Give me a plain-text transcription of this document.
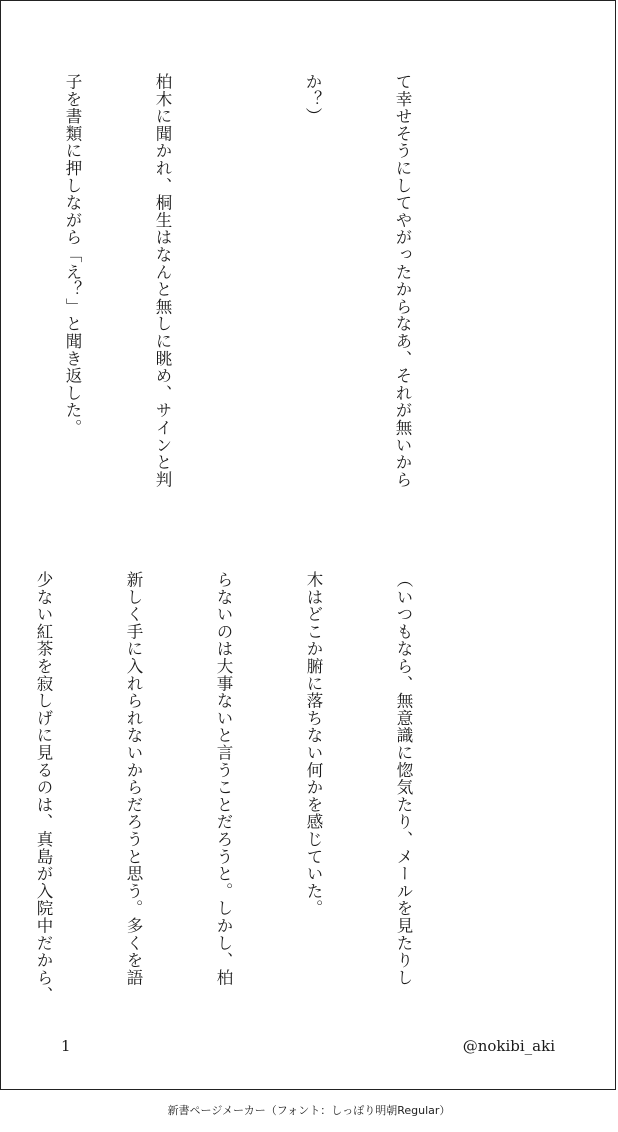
て幸せそうにしてやがったからなあ、それが無いから

か？）

柏木に聞かれ、桐生はなんと無しに眺め、サインと判

子を書類に押しながら「え？」と聞き返した。

（いつもなら、無意識に惚気たり、メールを見たりし

木はどこか腑に落ちない何かを感じていた。

らないのは大事ないと言うことだろうと。しかし、柏

新しく手に入れられないからだろうと思う。多くを語

少ない紅茶を寂しげに見るのは、真島が入院中だから、

1	@nokibi_aki
新書ページメーカー（フォント：しっぽり明朝Regular）
